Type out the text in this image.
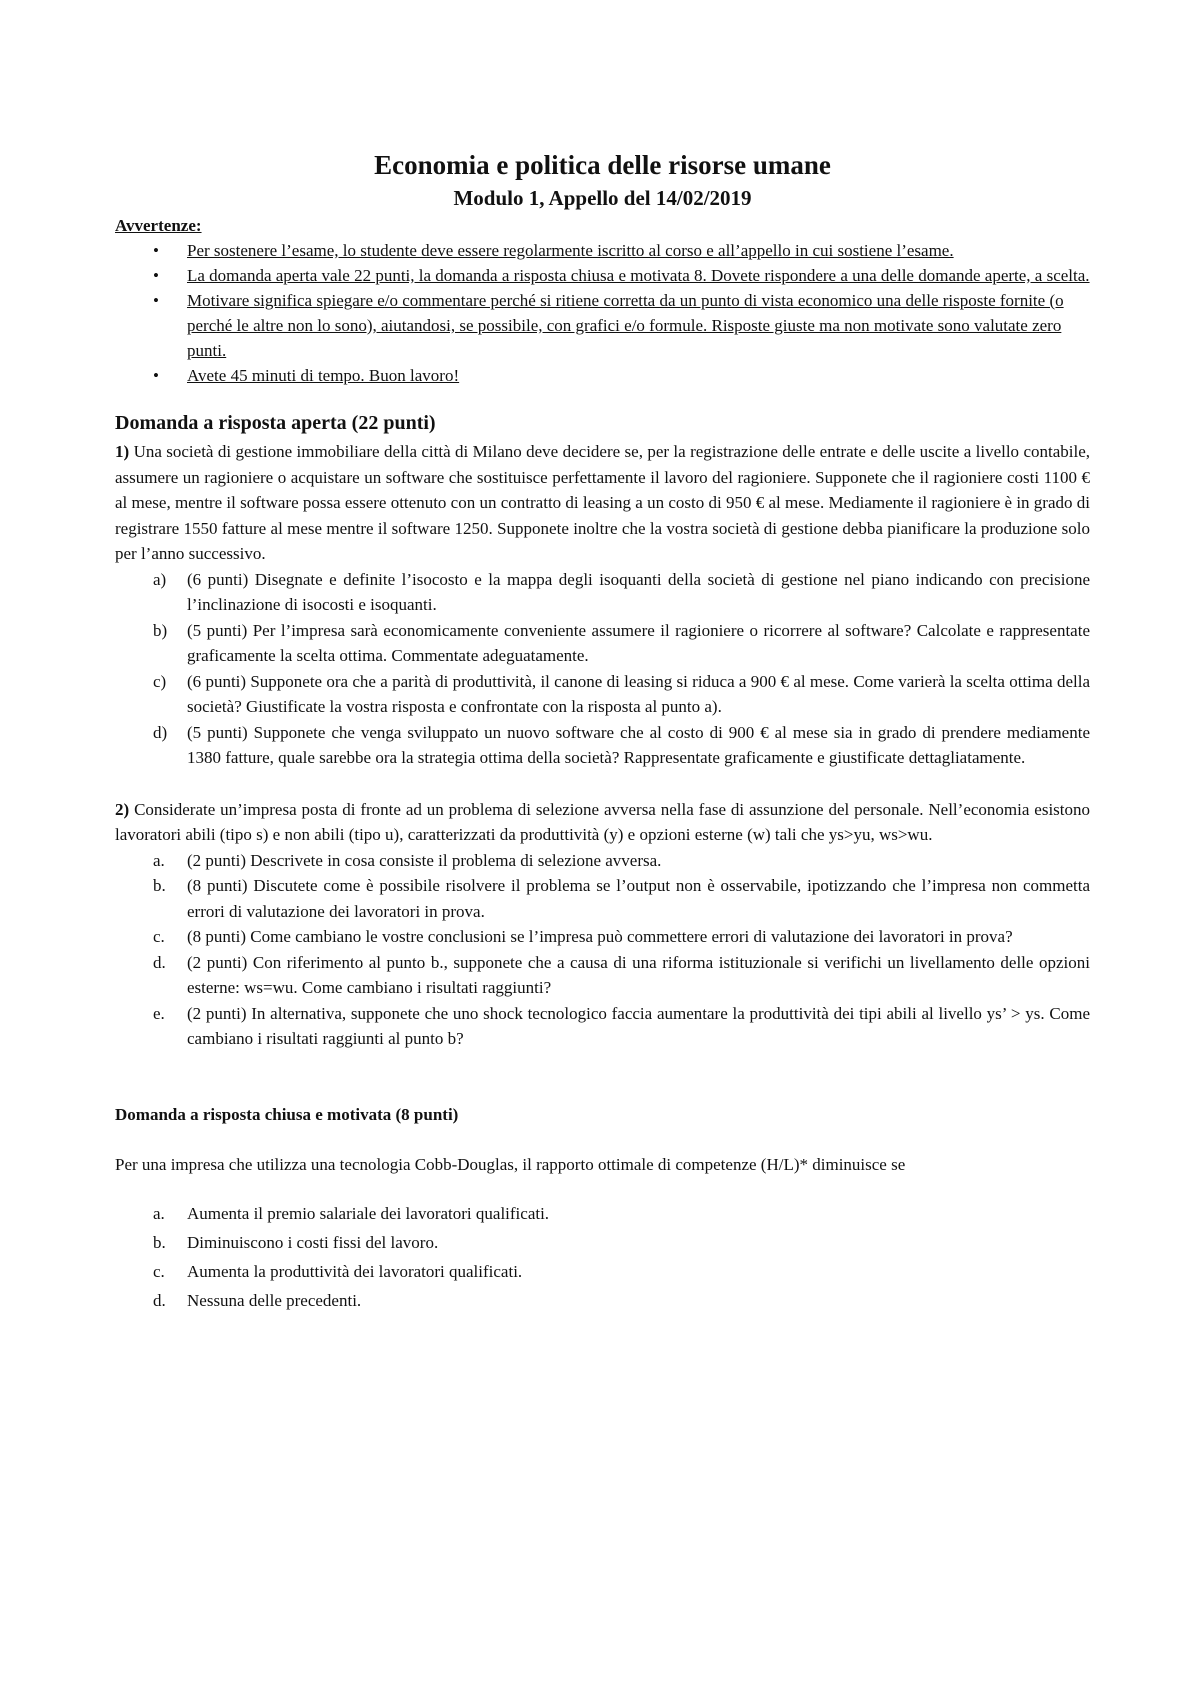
Economia e politica delle risorse umane
Modulo 1, Appello del 14/02/2019

Avvertenze:

• Per sostenere l’esame, lo studente deve essere regolarmente iscritto al corso e all’appello in cui sostiene l’esame.
• La domanda aperta vale 22 punti, la domanda a risposta chiusa e motivata 8. Dovete rispondere a una delle domande aperte, a scelta.
• Motivare significa spiegare e/o commentare perché si ritiene corretta da un punto di vista economico una delle risposte fornite (o perché le altre non lo sono), aiutandosi, se possibile, con grafici e/o formule. Risposte giuste ma non motivate sono valutate zero punti.
• Avete 45 minuti di tempo. Buon lavoro!
Domanda a risposta aperta (22 punti)

1) Una società di gestione immobiliare della città di Milano deve decidere se, per la registrazione delle entrate e delle uscite a livello contabile, assumere un ragioniere o acquistare un software che sostituisce perfettamente il lavoro del ragioniere. Supponete che il ragioniere costi 1100 € al mese, mentre il software possa essere ottenuto con un contratto di leasing a un costo di 950 € al mese. Mediamente il ragioniere è in grado di registrare 1550 fatture al mese mentre il software 1250. Supponete inoltre che la vostra società di gestione debba pianificare la produzione solo per l’anno successivo.

a) (6 punti) Disegnate e definite l’isocosto e la mappa degli isoquanti della società di gestione nel piano indicando con precisione l’inclinazione di isocosti e isoquanti.
b) (5 punti) Per l’impresa sarà economicamente conveniente assumere il ragioniere o ricorrere al software? Calcolate e rappresentate graficamente la scelta ottima. Commentate adeguatamente.
c) (6 punti) Supponete ora che a parità di produttività, il canone di leasing si riduca a 900 € al mese. Come varierà la scelta ottima della società? Giustificate la vostra risposta e confrontate con la risposta al punto a).
d) (5 punti) Supponete che venga sviluppato un nuovo software che al costo di 900 € al mese sia in grado di prendere mediamente 1380 fatture, quale sarebbe ora la strategia ottima della società? Rappresentate graficamente e giustificate dettagliatamente.

2) Considerate un’impresa posta di fronte ad un problema di selezione avversa nella fase di assunzione del personale. Nell’economia esistono lavoratori abili (tipo s) e non abili (tipo u), caratterizzati da produttività (y) e opzioni esterne (w) tali che ys>yu, ws>wu.

a. (2 punti) Descrivete in cosa consiste il problema di selezione avversa.
b. (8 punti) Discutete come è possibile risolvere il problema se l’output non è osservabile, ipotizzando che l’impresa non commetta errori di valutazione dei lavoratori in prova.
c. (8 punti) Come cambiano le vostre conclusioni se l’impresa può commettere errori di valutazione dei lavoratori in prova?
d. (2 punti) Con riferimento al punto b., supponete che a causa di una riforma istituzionale si verifichi un livellamento delle opzioni esterne: ws=wu. Come cambiano i risultati raggiunti?
e. (2 punti) In alternativa, supponete che uno shock tecnologico faccia aumentare la produttività dei tipi abili al livello ys’ > ys. Come cambiano i risultati raggiunti al punto b?
Domanda a risposta chiusa e motivata (8 punti)

Per una impresa che utilizza una tecnologia Cobb-Douglas, il rapporto ottimale di competenze (H/L)* diminuisce se

a. Aumenta il premio salariale dei lavoratori qualificati.
b. Diminuiscono i costi fissi del lavoro.
c. Aumenta la produttività dei lavoratori qualificati.
d. Nessuna delle precedenti.
